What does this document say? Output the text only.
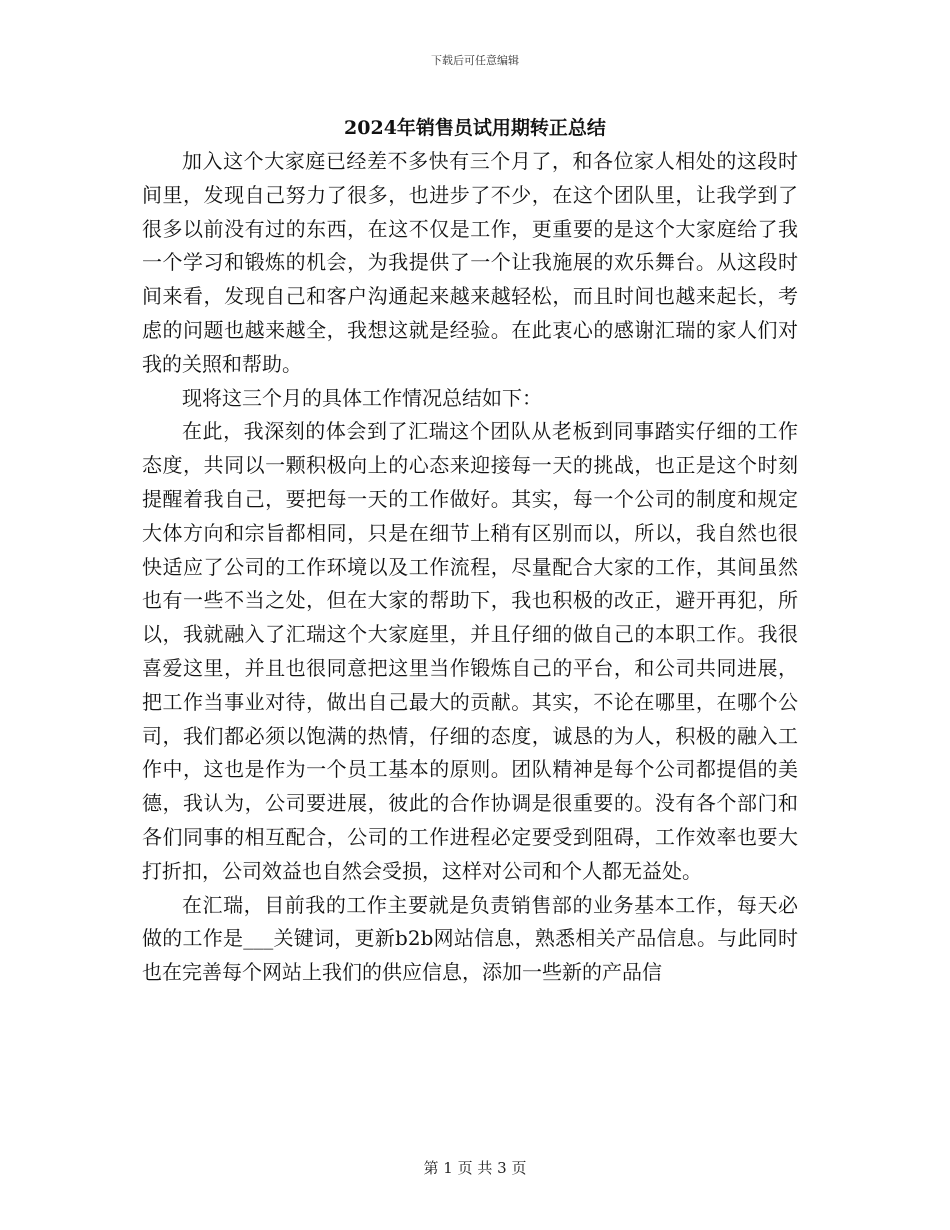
下载后可任意编辑
2024年销售员试用期转正总结

加入这个大家庭已经差不多快有三个月了，和各位家人相处的这段时间里，发现自己努力了很多，也进步了不少，在这个团队里，让我学到了很多以前没有过的东西，在这不仅是工作，更重要的是这个大家庭给了我一个学习和锻炼的机会，为我提供了一个让我施展的欢乐舞台。从这段时间来看，发现自己和客户沟通起来越来越轻松，而且时间也越来起长，考虑的问题也越来越全，我想这就是经验。在此衷心的感谢汇瑞的家人们对我的关照和帮助。

现将这三个月的具体工作情况总结如下：

在此，我深刻的体会到了汇瑞这个团队从老板到同事踏实仔细的工作态度，共同以一颗积极向上的心态来迎接每一天的挑战，也正是这个时刻提醒着我自己，要把每一天的工作做好。其实，每一个公司的制度和规定大体方向和宗旨都相同，只是在细节上稍有区别而以，所以，我自然也很快适应了公司的工作环境以及工作流程，尽量配合大家的工作，其间虽然也有一些不当之处，但在大家的帮助下，我也积极的改正，避开再犯，所以，我就融入了汇瑞这个大家庭里，并且仔细的做自己的本职工作。我很喜爱这里，并且也很同意把这里当作锻炼自己的平台，和公司共同进展，把工作当事业对待，做出自己最大的贡献。其实，不论在哪里，在哪个公司，我们都必须以饱满的热情，仔细的态度，诚恳的为人，积极的融入工作中，这也是作为一个员工基本的原则。团队精神是每个公司都提倡的美德，我认为，公司要进展，彼此的合作协调是很重要的。没有各个部门和各们同事的相互配合，公司的工作进程必定要受到阻碍，工作效率也要大打折扣，公司效益也自然会受损，这样对公司和个人都无益处。

在汇瑞，目前我的工作主要就是负责销售部的业务基本工作，每天必做的工作是___关键词，更新b2b网站信息，熟悉相关产品信息。与此同时也在完善每个网站上我们的供应信息，添加一些新的产品信

第 1 页 共 3 页
